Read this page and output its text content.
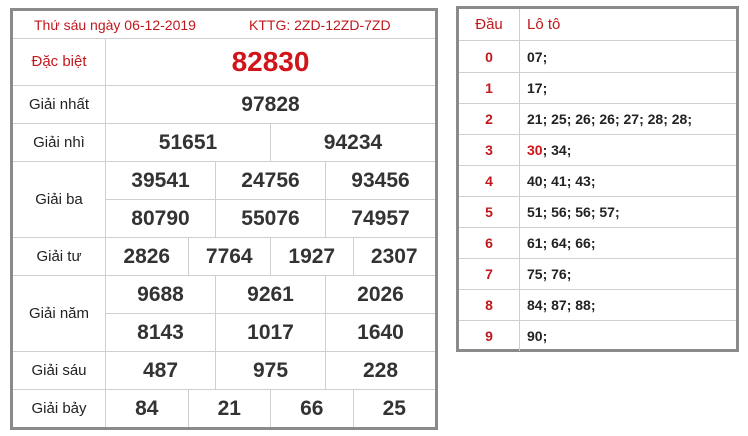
Thứ sáu ngày 06-12-2019	KTTG: 2ZD-12ZD-7ZD
Đặc biệt	82830
Giải nhất	97828
Giải nhì	51651	94234
Giải ba
39541	24756	93456
80790	55076	74957
Giải tư	2826	7764	1927	2307
Giải năm
9688	9261	2026
8143	1017	1640
Giải sáu	487	975	228
Giải bảy	84	21	66	25
Đầu	Lô tô
0	07;
1	17;
2	21; 25; 26; 26; 27; 28; 28;
3	30 ; 34;
4	40; 41; 43;
5	51; 56; 56; 57;
6	61; 64; 66;
7	75; 76;
8	84; 87; 88;
9	90;
